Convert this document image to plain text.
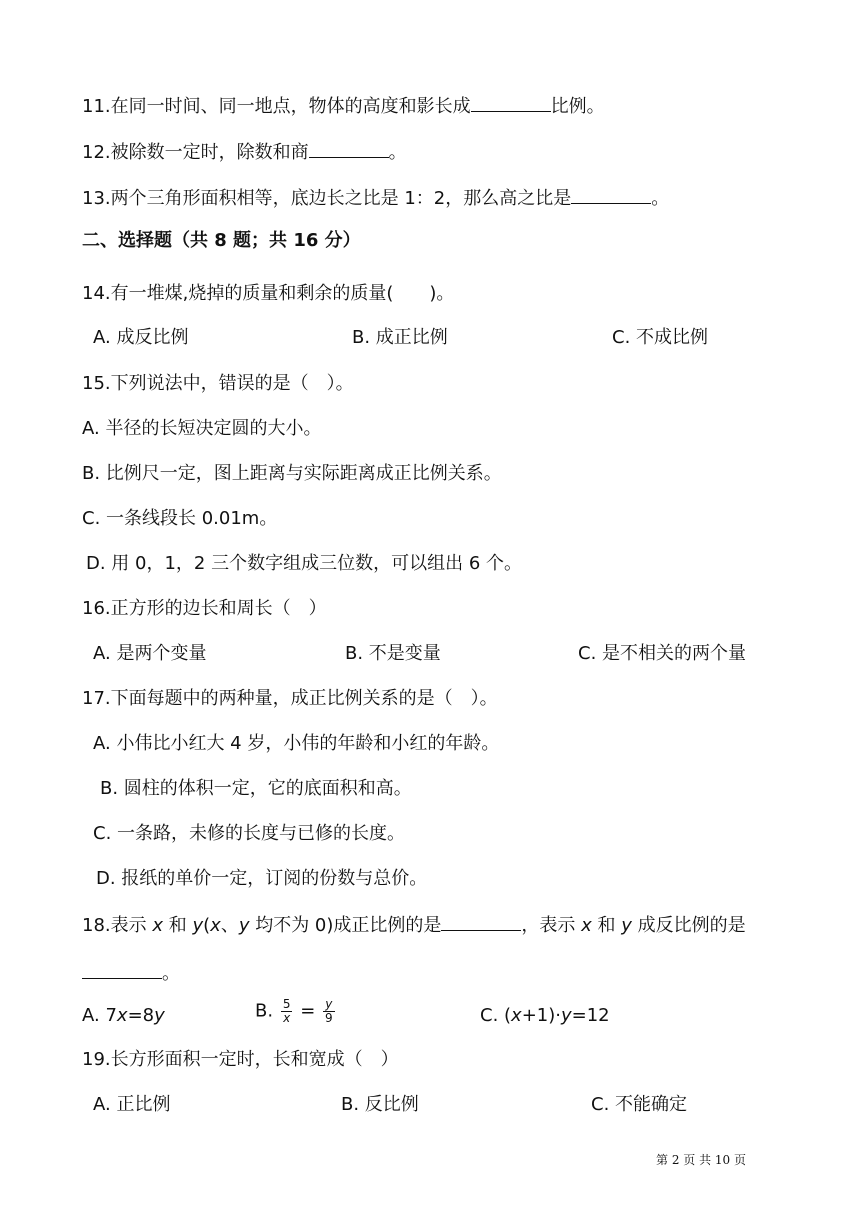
11.在同一时间、同一地点，物体的高度和影长成	比例。
12.被除数一定时，除数和商	。
13.两个三角形面积相等，底边长之比是 1：2，那么高之比是	。
二、选择题（共 8 题；共 16 分）
14.有一堆煤,烧掉的质量和剩余的质量(　　)。
A. 成反比例	B. 成正比例	C. 不成比例
15.下列说法中，错误的是（　）。
A. 半径的长短决定圆的大小。
B. 比例尺一定，图上距离与实际距离成正比例关系。
C. 一条线段长 0.01m。
D. 用 0，1，2 三个数字组成三位数，可以组出 6 个。
16.正方形的边长和周长（　）
A. 是两个变量	B. 不是变量	C. 是不相关的两个量
17.下面每题中的两种量，成正比例关系的是（　）。
A. 小伟比小红大 4 岁，小伟的年龄和小红的年龄。
B. 圆柱的体积一定，它的底面积和高。
C. 一条路，未修的长度与已修的长度。
D. 报纸的单价一定，订阅的份数与总价。
18.表示 x 和 y(x、y 均不为 0)成正比例的是	，表示 x 和 y 成反比例的是
。
A. 7x=8y	B. $\frac{5}{x} = \frac{y}{9}$	C. (x+1)·y=12
19.长方形面积一定时，长和宽成（　）
A. 正比例	B. 反比例	C. 不能确定
第 2 页 共 10 页
